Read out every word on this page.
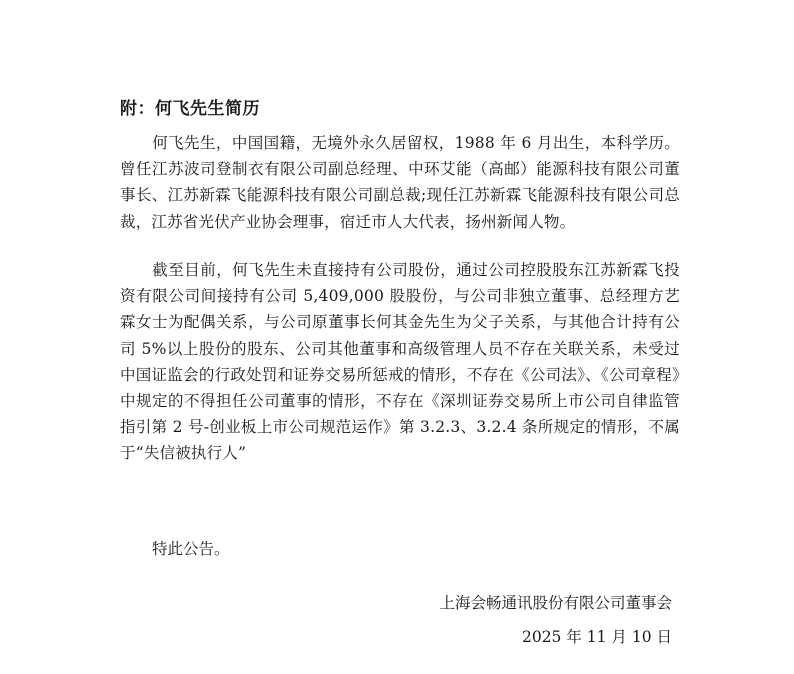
附：何飞先生简历
何飞先生，中国国籍，无境外永久居留权，1988 年 6 月出生，本科学历。曾任江苏波司登制衣有限公司副总经理、中环艾能（高邮）能源科技有限公司董事长、江苏新霖飞能源科技有限公司副总裁;现任江苏新霖飞能源科技有限公司总裁，江苏省光伏产业协会理事，宿迁市人大代表，扬州新闻人物。
截至目前，何飞先生未直接持有公司股份，通过公司控股股东江苏新霖飞投资有限公司间接持有公司 5,409,000 股股份，与公司非独立董事、总经理方艺霖女士为配偶关系，与公司原董事长何其金先生为父子关系，与其他合计持有公司 5%以上股份的股东、公司其他董事和高级管理人员不存在关联关系，未受过中国证监会的行政处罚和证券交易所惩戒的情形，不存在《公司法》、《公司章程》中规定的不得担任公司董事的情形，不存在《深圳证券交易所上市公司自律监管指引第 2 号-创业板上市公司规范运作》第 3.2.3、3.2.4 条所规定的情形，不属于“失信被执行人”
特此公告。
上海会畅通讯股份有限公司董事会
2025 年 11 月 10 日
